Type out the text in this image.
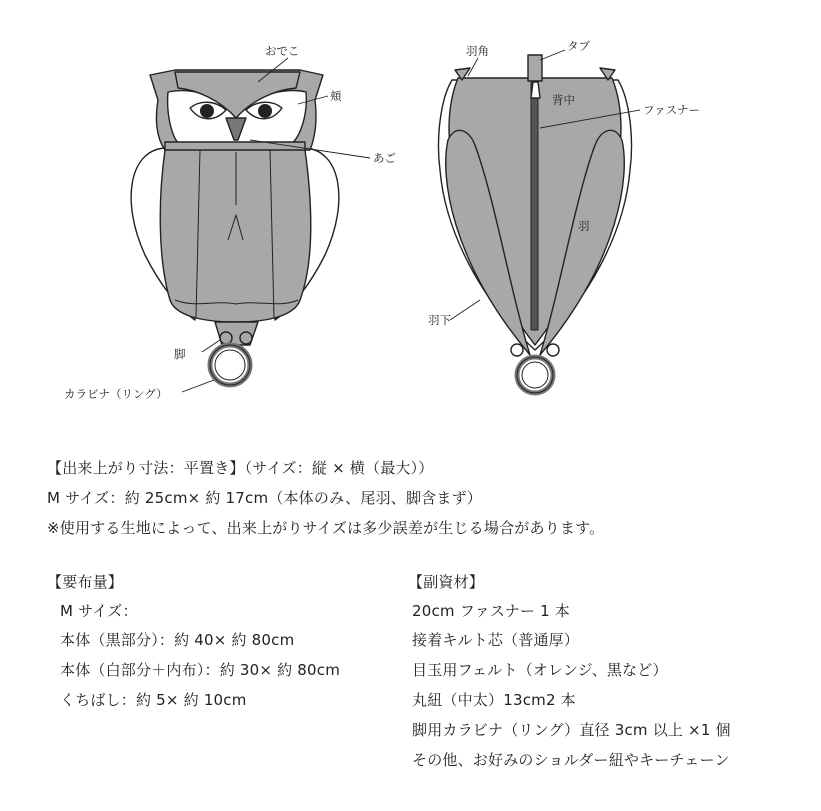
おでこ
頬
あご
脚
カラビナ（リング）
羽角	タブ
背中
ファスナー
羽
羽下
【出来上がり寸法：平置き】（サイズ：縦 × 横（最大））
M サイズ：約 25cm× 約 17cm（本体のみ、尾羽、脚含まず）
※使用する生地によって、出来上がりサイズは多少誤差が生じる場合があります。
【要布量】
M サイズ：
本体（黒部分）：約 40× 約 80cm
本体（白部分＋内布）：約 30× 約 80cm
くちばし：約 5× 約 10cm
【副資材】
20cm ファスナー 1 本
接着キルト芯（普通厚）
目玉用フェルト（オレンジ、黒など）
丸紐（中太）13cm2 本
脚用カラビナ（リング）直径 3cm 以上 ×1 個
その他、お好みのショルダー紐やキーチェーン
